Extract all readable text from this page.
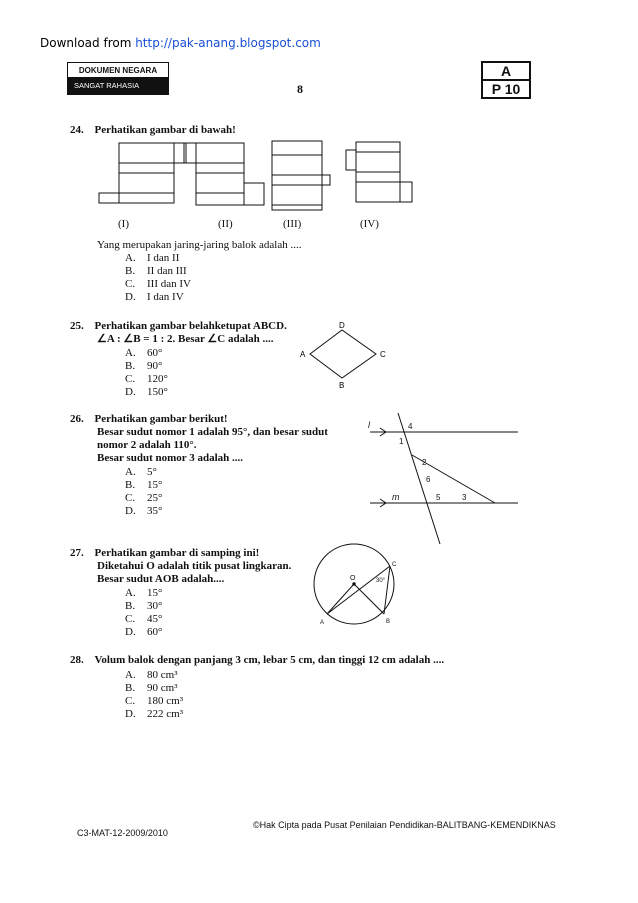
Download from http://pak-anang.blogspot.com
DOKUMEN NEGARA
SANGAT RAHASIA	8
A
P 10
24. Perhatikan gambar di bawah!
(I)	(II)	(III)	(IV)
Yang merupakan jaring-jaring balok adalah ....
A. I dan II
B. II dan III
C. III dan IV
D. I dan IV
25. Perhatikan gambar belahketupat ABCD.
∠A : ∠B = 1 : 2. Besar ∠C adalah ....
A. 60°
B. 90°
C. 120°
D. 150°
D
A	C
B
26. Perhatikan gambar berikut!
Besar sudut nomor 1 adalah 95°, dan besar sudut
nomor 2 adalah 110°.
Besar sudut nomor 3 adalah ....
A. 5°
B. 15°
C. 25°
D. 35°
l
m
1
4
2
6
5	3
27. Perhatikan gambar di samping ini!
Diketahui O adalah titik pusat lingkaran.
Besar sudut AOB adalah....
A. 15°
B. 30°
C. 45°
D. 60°
O
A	B
C
30°
28. Volum balok dengan panjang 3 cm, lebar 5 cm, dan tinggi 12 cm adalah ....
A. 80 cm³
B. 90 cm³
C. 180 cm³
D. 222 cm³
C3-MAT-12-2009/2010
©Hak Cipta pada Pusat Penilaian Pendidikan-BALITBANG-KEMENDIKNAS
